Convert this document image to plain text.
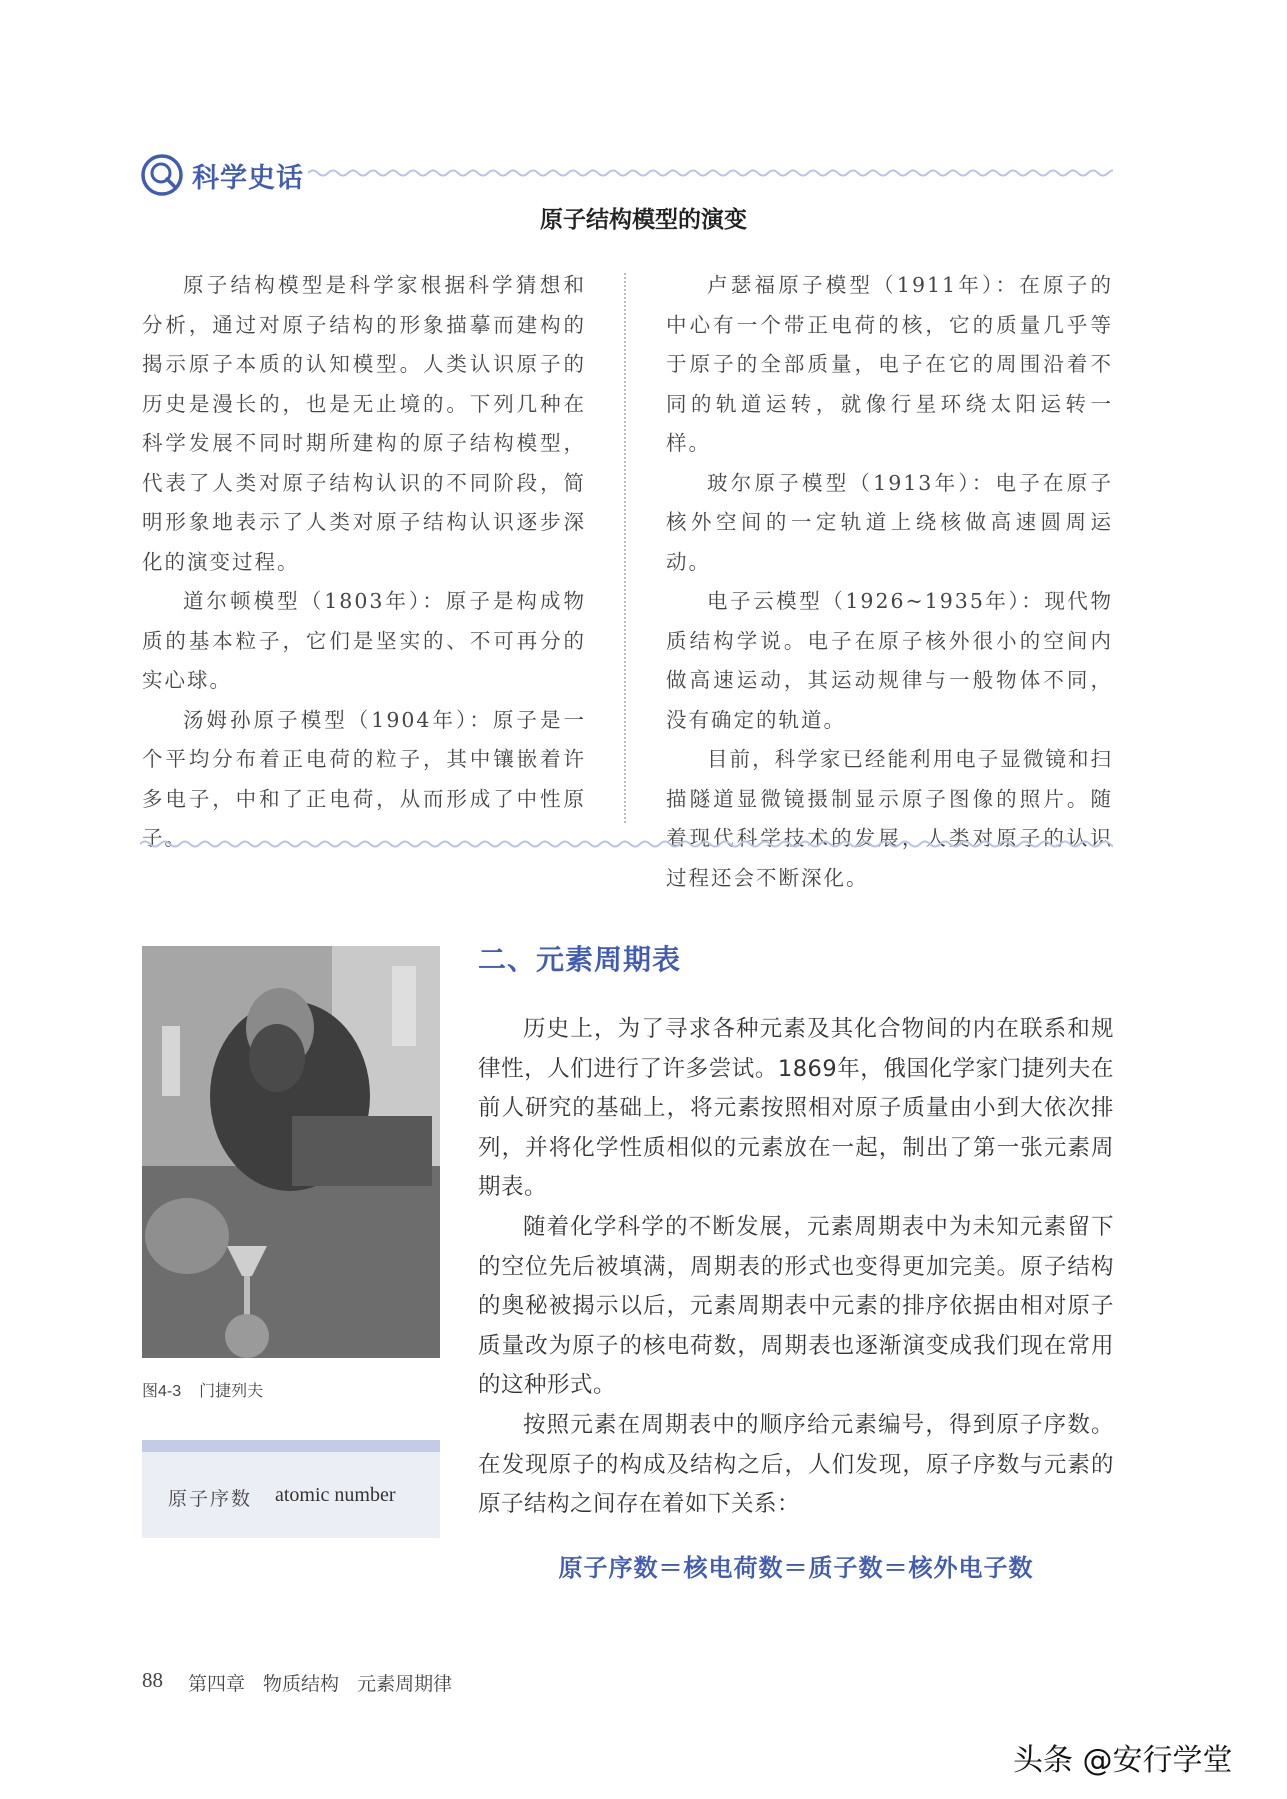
科学史话
原子结构模型的演变

原子结构模型是科学家根据科学猜想和分析，通过对原子结构的形象描摹而建构的揭示原子本质的认知模型。人类认识原子的历史是漫长的，也是无止境的。下列几种在科学发展不同时期所建构的原子结构模型，代表了人类对原子结构认识的不同阶段，简明形象地表示了人类对原子结构认识逐步深化的演变过程。

道尔顿模型（1803年）：原子是构成物质的基本粒子，它们是坚实的、不可再分的实心球。

汤姆孙原子模型（1904年）：原子是一个平均分布着正电荷的粒子，其中镶嵌着许多电子，中和了正电荷，从而形成了中性原子。

卢瑟福原子模型（1911年）：在原子的中心有一个带正电荷的核，它的质量几乎等于原子的全部质量，电子在它的周围沿着不同的轨道运转，就像行星环绕太阳运转一样。

玻尔原子模型（1913年）：电子在原子核外空间的一定轨道上绕核做高速圆周运动。

电子云模型（1926~1935年）：现代物质结构学说。电子在原子核外很小的空间内做高速运动，其运动规律与一般物体不同，没有确定的轨道。

目前，科学家已经能利用电子显微镜和扫描隧道显微镜摄制显示原子图像的照片。随着现代科学技术的发展，人类对原子的认识过程还会不断深化。

图4-3 门捷列夫
原子序数 atomic number
二、元素周期表

历史上，为了寻求各种元素及其化合物间的内在联系和规律性，人们进行了许多尝试。1869年，俄国化学家门捷列夫在前人研究的基础上，将元素按照相对原子质量由小到大依次排列，并将化学性质相似的元素放在一起，制出了第一张元素周期表。

随着化学科学的不断发展，元素周期表中为未知元素留下的空位先后被填满，周期表的形式也变得更加完美。原子结构的奥秘被揭示以后，元素周期表中元素的排序依据由相对原子质量改为原子的核电荷数，周期表也逐渐演变成我们现在常用的这种形式。

按照元素在周期表中的顺序给元素编号，得到原子序数。在发现原子的构成及结构之后，人们发现，原子序数与元素的原子结构之间存在着如下关系：

原子序数＝核电荷数＝质子数＝核外电子数
88 第四章 物质结构 元素周期律
头条 @安行学堂
